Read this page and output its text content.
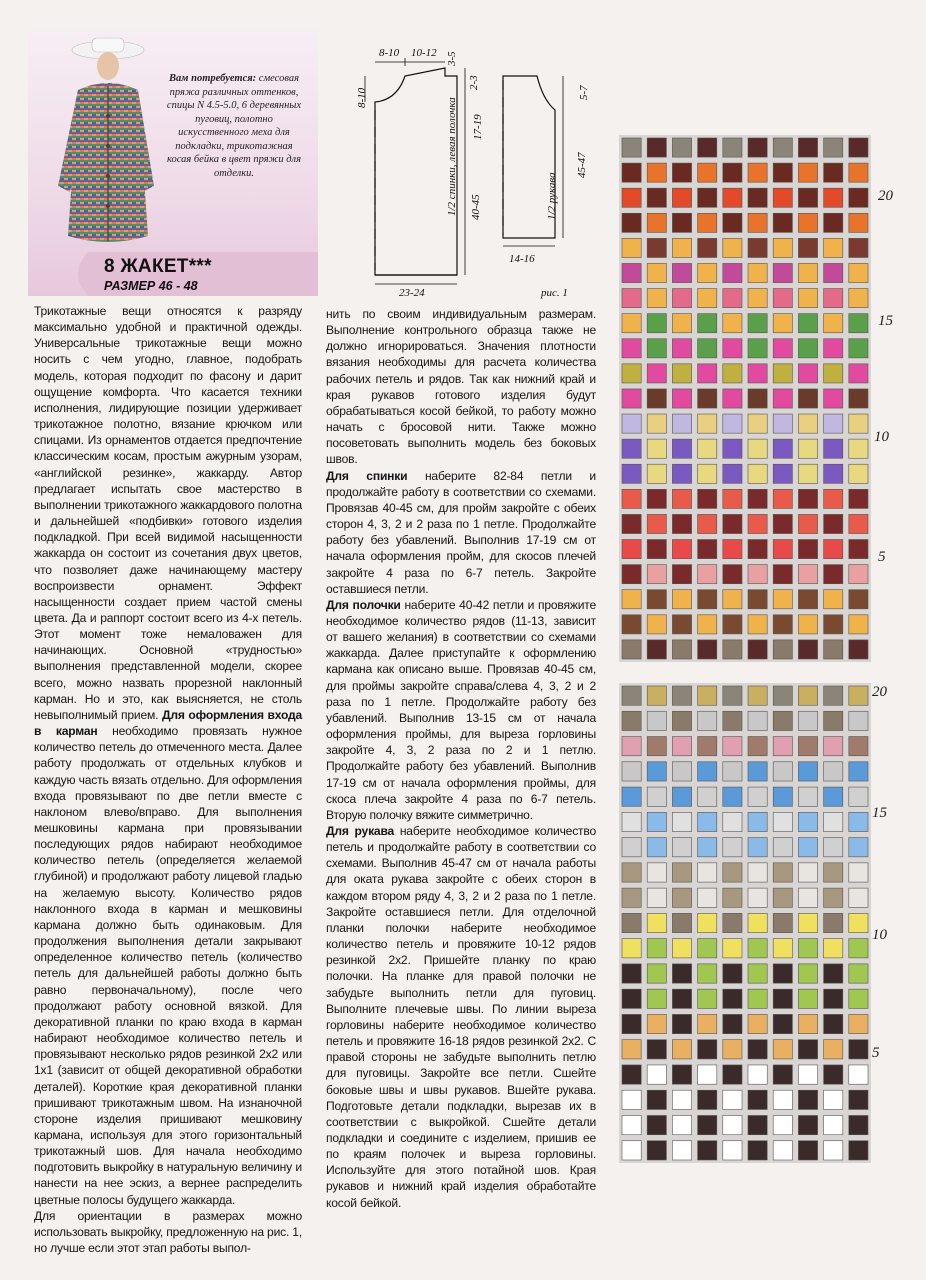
Вам потребуется: смесовая пряжа различных оттенков, спицы N 4.5-5.0, 6 деревянных пуговиц, полотно искусственного меха для подкладки, трикотажная косая бейка в цвет пряжи для отделки.
8 ЖАКЕТ***
РАЗМЕР 46 - 48
8-10 10-12 3-5
8-10
17-19
2-3
40-45
23-24
1/2 спинки, левая полочка
5-7
45-47
14-16
1/2 рукава
рис. 1

Трикотажные вещи относятся к разряду максимально удобной и практичной одежды. Универсальные трикотажные вещи можно носить с чем угодно, главное, подобрать модель, которая подходит по фасону и дарит ощущение комфорта. Что касается техники исполнения, лидирующие позиции удерживает трикотажное полотно, вязание крючком или спицами. Из орнаментов отдается предпочтение классическим косам, простым ажурным узорам, «английской резинке», жаккарду. Автор предлагает испытать свое мастерство в выполнении трикотажного жаккардового полотна и дальнейшей «подбивки» готового изделия подкладкой. При всей видимой насыщенности жаккарда он состоит из сочетания двух цветов, что позволяет даже начинающему мастеру воспроизвести орнамент. Эффект насыщенности создает прием частой смены цвета. Да и раппорт состоит всего из 4-х петель. Этот момент тоже немаловажен для начинающих. Основной «трудностью» выполнения представленной модели, скорее всего, можно назвать прорезной наклонный карман. Но и это, как выясняется, не столь невыполнимый прием. Для оформления входа в карман необходимо провязать нужное количество петель до отмеченного места. Далее работу продолжать от отдельных клубков и каждую часть вязать отдельно. Для оформления входа провязывают по две петли вместе с наклоном влево/вправо. Для выполнения мешковины кармана при провязывании последующих рядов набирают необходимое количество петель (определяется желаемой глубиной) и продолжают работу лицевой гладью на желаемую высоту. Количество рядов наклонного входа в карман и мешковины кармана должно быть одинаковым. Для продолжения выполнения детали закрывают определенное количество петель (количество петель для дальнейшей работы должно быть равно первоначальному), после чего продолжают работу основной вязкой. Для декоративной планки по краю входа в карман набирают необходимое количество петель и провязывают несколько рядов резинкой 2х2 или 1х1 (зависит от общей декоративной обработки деталей). Короткие края декоративной планки пришивают трикотажным швом. На изнаночной стороне изделия пришивают мешковину кармана, используя для этого горизонтальный трикотажный шов. Для начала необходимо подготовить выкройку в натуральную величину и нанести на нее эскиз, а вернее распределить цветные полосы будущего жаккарда.

Для ориентации в размерах можно использовать выкройку, предложенную на рис. 1, но лучше если этот этап работы выпол-

нить по своим индивидуальным размерам. Выполнение контрольного образца также не должно игнорироваться. Значения плотности вязания необходимы для расчета количества рабочих петель и рядов. Так как нижний край и края рукавов готового изделия будут обрабатываться косой бейкой, то работу можно начать с бросовой нити. Также можно посоветовать выполнить модель без боковых швов.

Для спинки наберите 82-84 петли и продолжайте работу в соответствии со схемами. Провязав 40-45 см, для пройм закройте с обеих сторон 4, 3, 2 и 2 раза по 1 петле. Продолжайте работу без убавлений. Выполнив 17-19 см от начала оформления пройм, для скосов плечей закройте 4 раза по 6-7 петель. Закройте оставшиеся петли.

Для полочки наберите 40-42 петли и провяжите необходимое количество рядов (11-13, зависит от вашего желания) в соответствии со схемами жаккарда. Далее приступайте к оформлению кармана как описано выше. Провязав 40-45 см, для проймы закройте справа/слева 4, 3, 2 и 2 раза по 1 петле. Продолжайте работу без убавлений. Выполнив 13-15 см от начала оформления проймы, для выреза горловины закройте 4, 3, 2 раза по 2 и 1 петлю. Продолжайте работу без убавлений. Выполнив 17-19 см от начала оформления проймы, для скоса плеча закройте 4 раза по 6-7 петель. Вторую полочку вяжите симметрично.

Для рукава наберите необходимое количество петель и продолжайте работу в соответствии со схемами. Выполнив 45-47 см от начала работы для оката рукава закройте с обеих сторон в каждом втором ряду 4, 3, 2 и 2 раза по 1 петле. Закройте оставшиеся петли. Для отделочной планки полочки наберите необходимое количество петель и провяжите 10-12 рядов резинкой 2х2. Пришейте планку по краю полочки. На планке для правой полочки не забудьте выполнить петли для пуговиц. Выполните плечевые швы. По линии выреза горловины наберите необходимое количество петель и провяжите 16-18 рядов резинкой 2х2. С правой стороны не забудьте выполнить петлю для пуговицы. Закройте все петли. Сшейте боковые швы и швы рукавов. Вшейте рукава. Подготовьте детали подкладки, вырезав их в соответствии с выкройкой. Сшейте детали подкладки и соедините с изделием, пришив ее по краям полочек и выреза горловины. Используйте для этого потайной шов. Края рукавов и нижний край изделия обработайте косой бейкой.

20
15
10
5
20
15
10
5
